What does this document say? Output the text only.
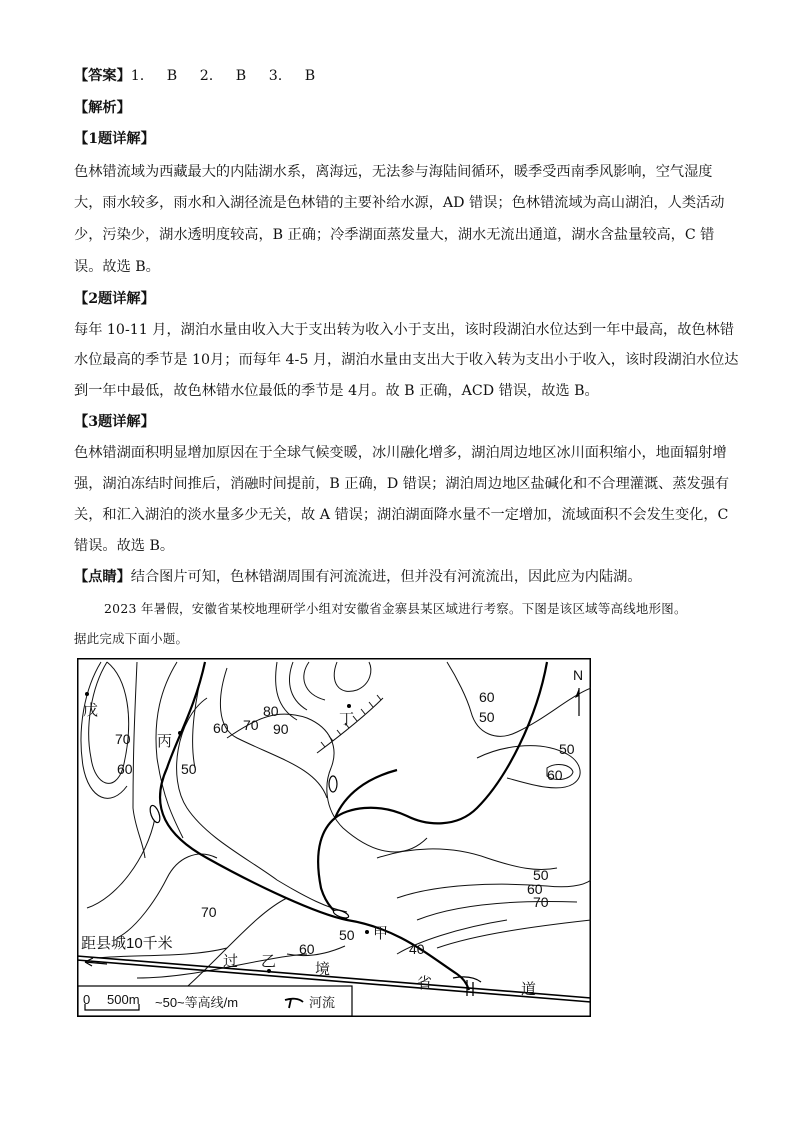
【答案】1. B 2. B 3. B
【解析】
【1题详解】
色林错流域为西藏最大的内陆湖水系，离海远，无法参与海陆间循环，暖季受西南季风影响，空气湿度
大，雨水较多，雨水和入湖径流是色林错的主要补给水源，AD 错误；色林错流域为高山湖泊，人类活动
少，污染少，湖水透明度较高，B 正确；冷季湖面蒸发量大，湖水无流出通道，湖水含盐量较高，C 错
误。故选 B。
【2题详解】
每年 10-11 月，湖泊水量由收入大于支出转为收入小于支出，该时段湖泊水位达到一年中最高，故色林错
水位最高的季节是 10月；而每年 4-5 月，湖泊水量由支出大于收入转为支出小于收入，该时段湖泊水位达
到一年中最低，故色林错水位最低的季节是 4月。故 B 正确，ACD 错误，故选 B。
【3题详解】
色林错湖面积明显增加原因在于全球气候变暖，冰川融化增多，湖泊周边地区冰川面积缩小，地面辐射增
强，湖泊冻结时间推后，消融时间提前，B 正确，D 错误；湖泊周边地区盐碱化和不合理灌溉、蒸发强有
关，和汇入湖泊的淡水量多少无关，故 A 错误；湖泊湖面降水量不一定增加，流域面积不会发生变化，C
错误。故选 B。
【点睛】结合图片可知，色林错湖周围有河流流进，但并没有河流流出，因此应为内陆湖。
2023 年暑假，安徽省某校地理研学小组对安徽省金寨县某区域进行考察。下图是该区域等高线地形图。
据此完成下面小题。
N
戊
丙
丁
甲
乙
70
60	50
60 70
80
90
60
50
50
60
50
60
70
70
60
50
40
距县城10千米
过	境
省	道
0 500m ~50~等高线/m	河流
